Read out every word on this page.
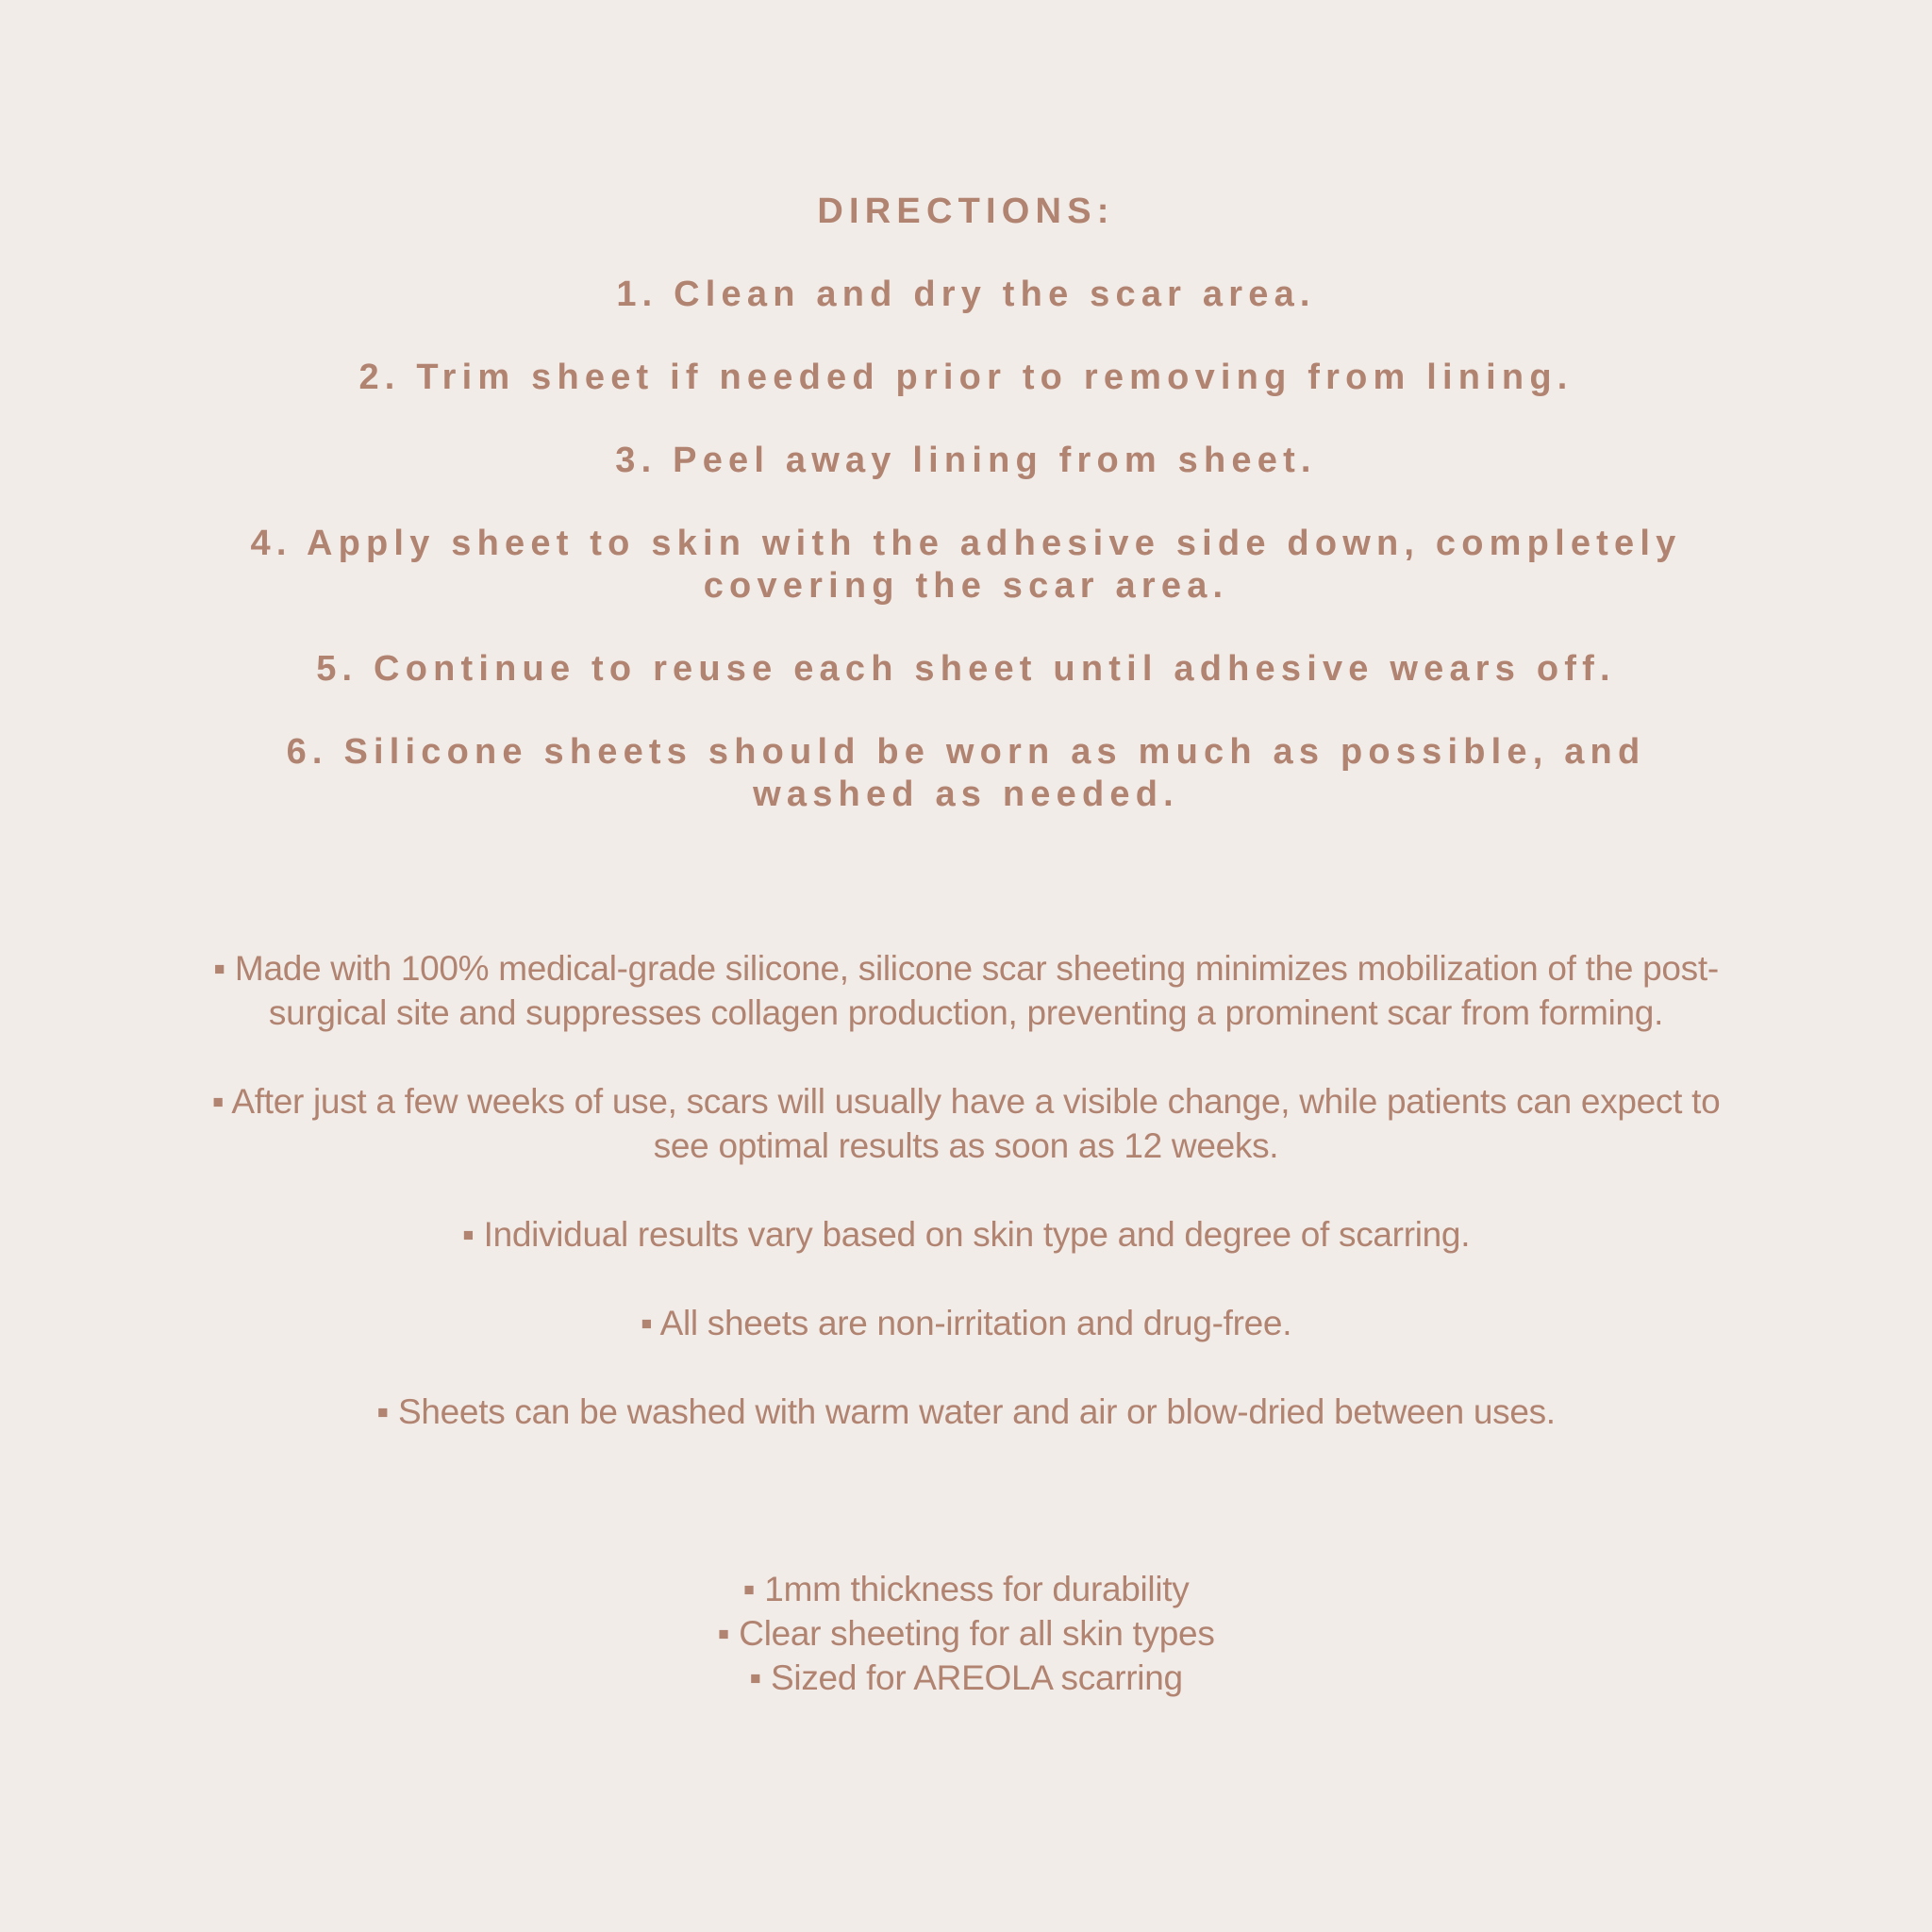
DIRECTIONS:
1. Clean and dry the scar area.
2. Trim sheet if needed prior to removing from lining.
3. Peel away lining from sheet.
4. Apply sheet to skin with the adhesive side down, completely covering the scar area.
5. Continue to reuse each sheet until adhesive wears off.
6. Silicone sheets should be worn as much as possible, and washed as needed.
▪ Made with 100% medical-grade silicone, silicone scar sheeting minimizes mobilization of the post-surgical site and suppresses collagen production, preventing a prominent scar from forming.
▪ After just a few weeks of use, scars will usually have a visible change, while patients can expect to see optimal results as soon as 12 weeks.
▪ Individual results vary based on skin type and degree of scarring.
▪ All sheets are non-irritation and drug-free.
▪ Sheets can be washed with warm water and air or blow-dried between uses.
▪ 1mm thickness for durability
▪ Clear sheeting for all skin types
▪ Sized for AREOLA scarring
